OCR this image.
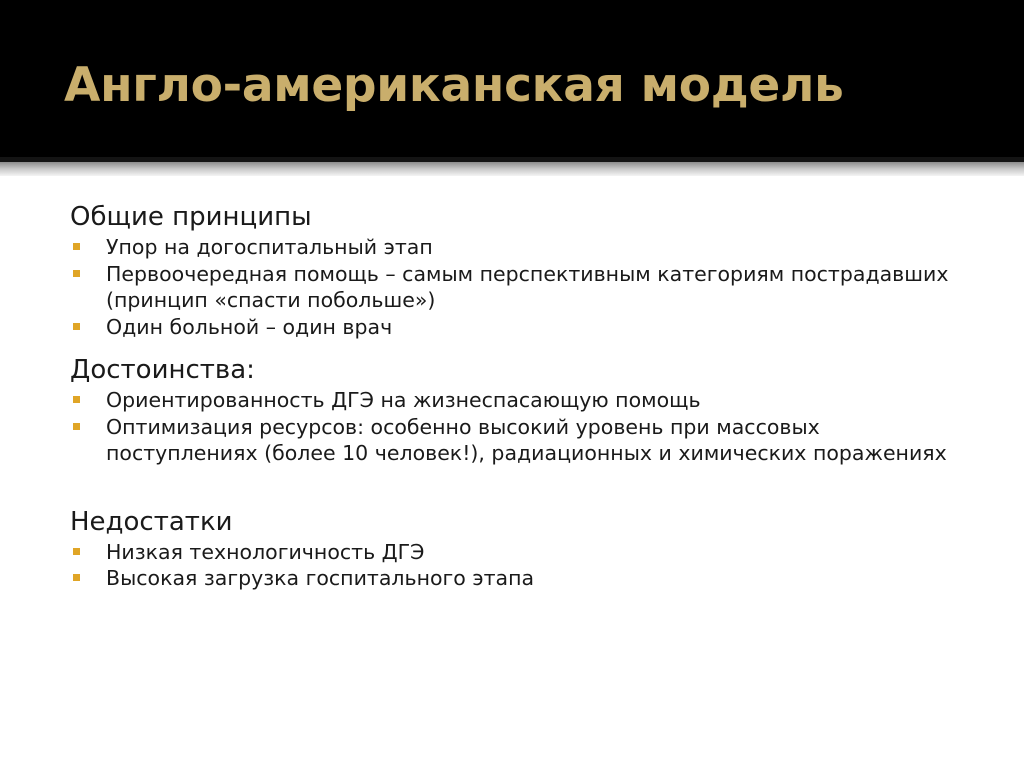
Англо-американская модель
Общие принципы
Упор на догоспитальный этап
Первоочередная помощь – самым перспективным категориям пострадавших (принцип «спасти побольше»)
Один больной – один врач
Достоинства:
Ориентированность ДГЭ на жизнеспасающую помощь
Оптимизация ресурсов: особенно высокий уровень при массовых поступлениях (более 10 человек!), радиационных и химических поражениях
Недостатки
Низкая технологичность ДГЭ
Высокая загрузка госпитального этапа
